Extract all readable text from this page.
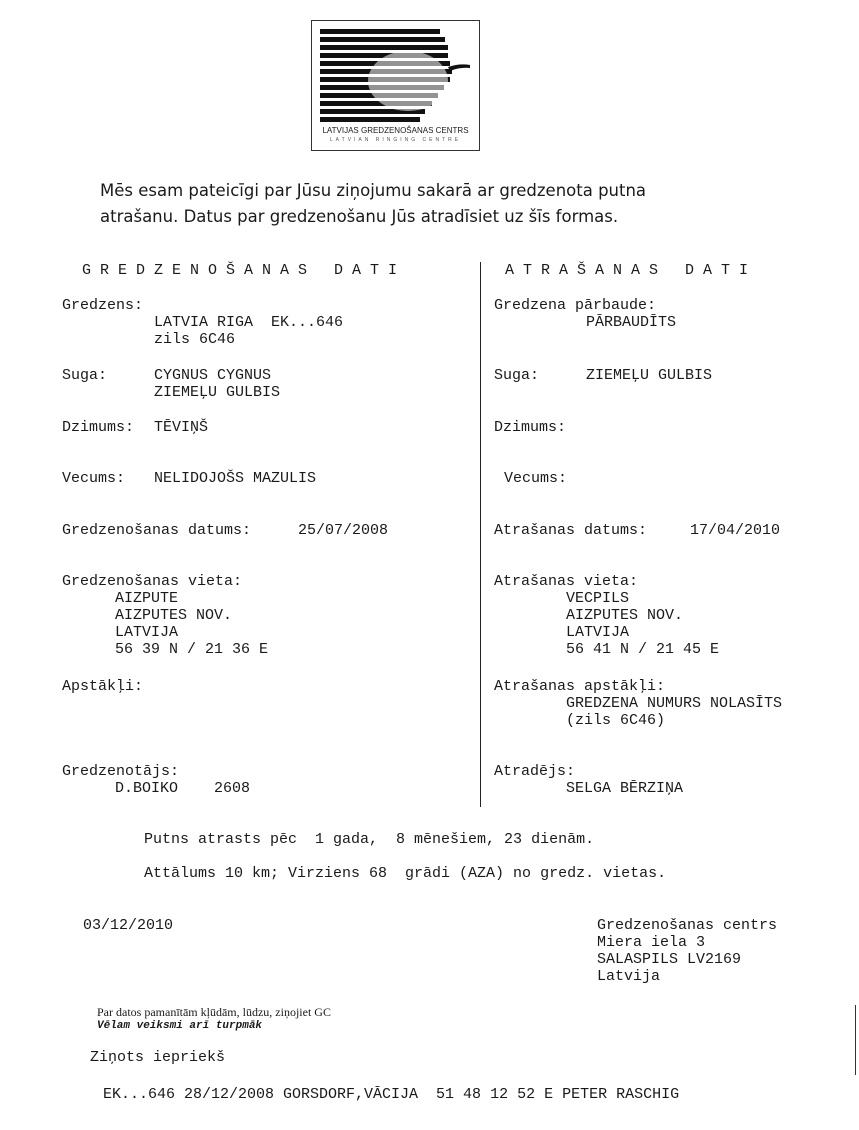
LATVIJAS GREDZENOŠANAS CENTRS
LATVIAN RINGING CENTRE
Mēs esam pateicīgi par Jūsu ziņojumu sakarā ar gredzenota putna
atrašanu. Datus par gredzenošanu Jūs atradīsiet uz šīs formas.
G R E D Z E N O Š A N A S   D A T I
Gredzens:
LATVIA RIGA  EK...646
zils 6C46
Suga:	CYGNUS CYGNUS
ZIEMEĻU GULBIS
Dzimums: TĒVIŅŠ
Vecums: NELIDOJOŠS MAZULIS
Gredzenošanas datums:	25/07/2008
Gredzenošanas vieta:
AIZPUTE
AIZPUTES NOV.
LATVIJA
56 39 N / 21 36 E
Apstākļi:
Gredzenotājs:
D.BOIKO    2608
A T R A Š A N A S   D A T I
Gredzena pārbaude:
PĀRBAUDĪTS
Suga:	ZIEMEĻU GULBIS
Dzimums:
Vecums:
Atrašanas datums:	17/04/2010
Atrašanas vieta:
VECPILS
AIZPUTES NOV.
LATVIJA
56 41 N / 21 45 E
Atrašanas apstākļi:
GREDZENA NUMURS NOLASĪTS
(zils 6C46)
Atradējs:
SELGA BĒRZIŅA
Putns atrasts pēc  1 gada,  8 mēnešiem, 23 dienām.
Attālums 10 km; Virziens 68  grādi (AZA) no gredz. vietas.
03/12/2010	Gredzenošanas centrs
Miera iela 3
SALASPILS LV2169
Latvija
Par datos pamanītām kļūdām, lūdzu, ziņojiet GC
Vēlam veiksmi arī turpmāk
Ziņots iepriekš
EK...646 28/12/2008 GORSDORF,VĀCIJA  51 48 12 52 E PETER RASCHIG
